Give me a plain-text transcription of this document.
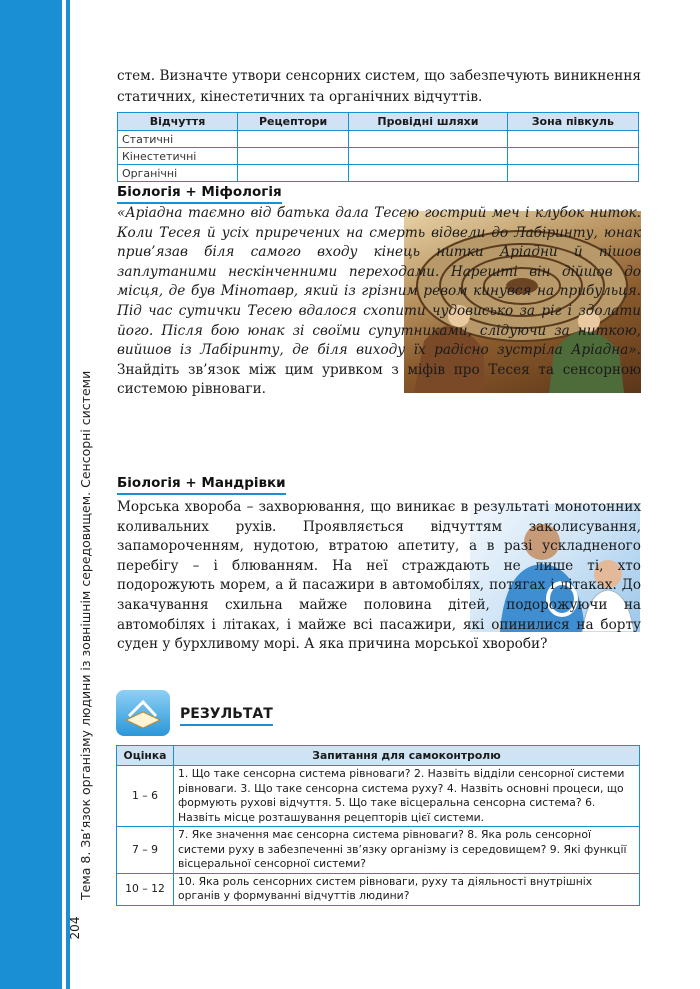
Тема 8. Зв’язок організму людини із зовнішнім середовищем. Сенсорні системи
204

стем. Визначте утвори сенсорних систем, що забезпечують виникнення статичних, кінестетичних та органічних відчуттів.

Відчуття	Рецептори	Провідні шляхи	Зона півкуль
Статичні			
Кінестетичні			
Органічні			
Біологія + Міфологія
«Аріадна таємно від батька дала Тесею гострий меч і клубок ниток. Коли Тесея й усіх приречених на смерть відвели до Лабіринту, юнак прив’язав біля самого входу кінець нитки Аріадни й пішов заплутаними нескінченними переходами. Нарешті він дійшов до місця, де був Мінотавр, який із грізним ревом кинувся на прибульця. Під час сутички Тесею вдалося схопити чудовисько за ріг і здолати його. Після бою юнак зі своїми супутниками, слідуючи за ниткою, вийшов із Лабіринту, де біля виходу їх радісно зустріла Аріадна». Знайдіть зв’язок між цим уривком з міфів про Тесея та сенсорною системою рівноваги.
Біологія + Мандрівки
Морська хвороба – захворювання, що виникає в результаті монотонних коливальних рухів. Проявляється відчуттям заколисування, запамороченням, нудотою, втратою апетиту, а в разі ускладненого перебігу – і блюванням. На неї страждають не лише ті, хто подорожують морем, а й пасажири в автомобілях, потягах і літаках. До закачування схильна майже половина дітей, подорожуючи на автомобілях і літаках, і майже всі пасажири, які опинилися на борту суден у бурхливому морі. А яка причина морської хвороби?
РЕЗУЛЬТАТ
Оцінка	Запитання для самоконтролю
1 – 6	1. Що таке сенсорна система рівноваги? 2. Назвіть відділи сенсорної системи рівноваги. 3. Що таке сенсорна система руху? 4. Назвіть основні процеси, що формують рухові відчуття. 5. Що таке вісцеральна сенсорна система? 6. Назвіть місце розташування рецепторів цієї системи.
7 – 9	7. Яке значення має сенсорна система рівноваги? 8. Яка роль сенсорної системи руху в забезпеченні зв’язку організму із середовищем? 9. Які функції вісцеральної сенсорної системи?
10 – 12	10. Яка роль сенсорних систем рівноваги, руху та діяльності внутрішніх органів у формуванні відчуттів людини?
